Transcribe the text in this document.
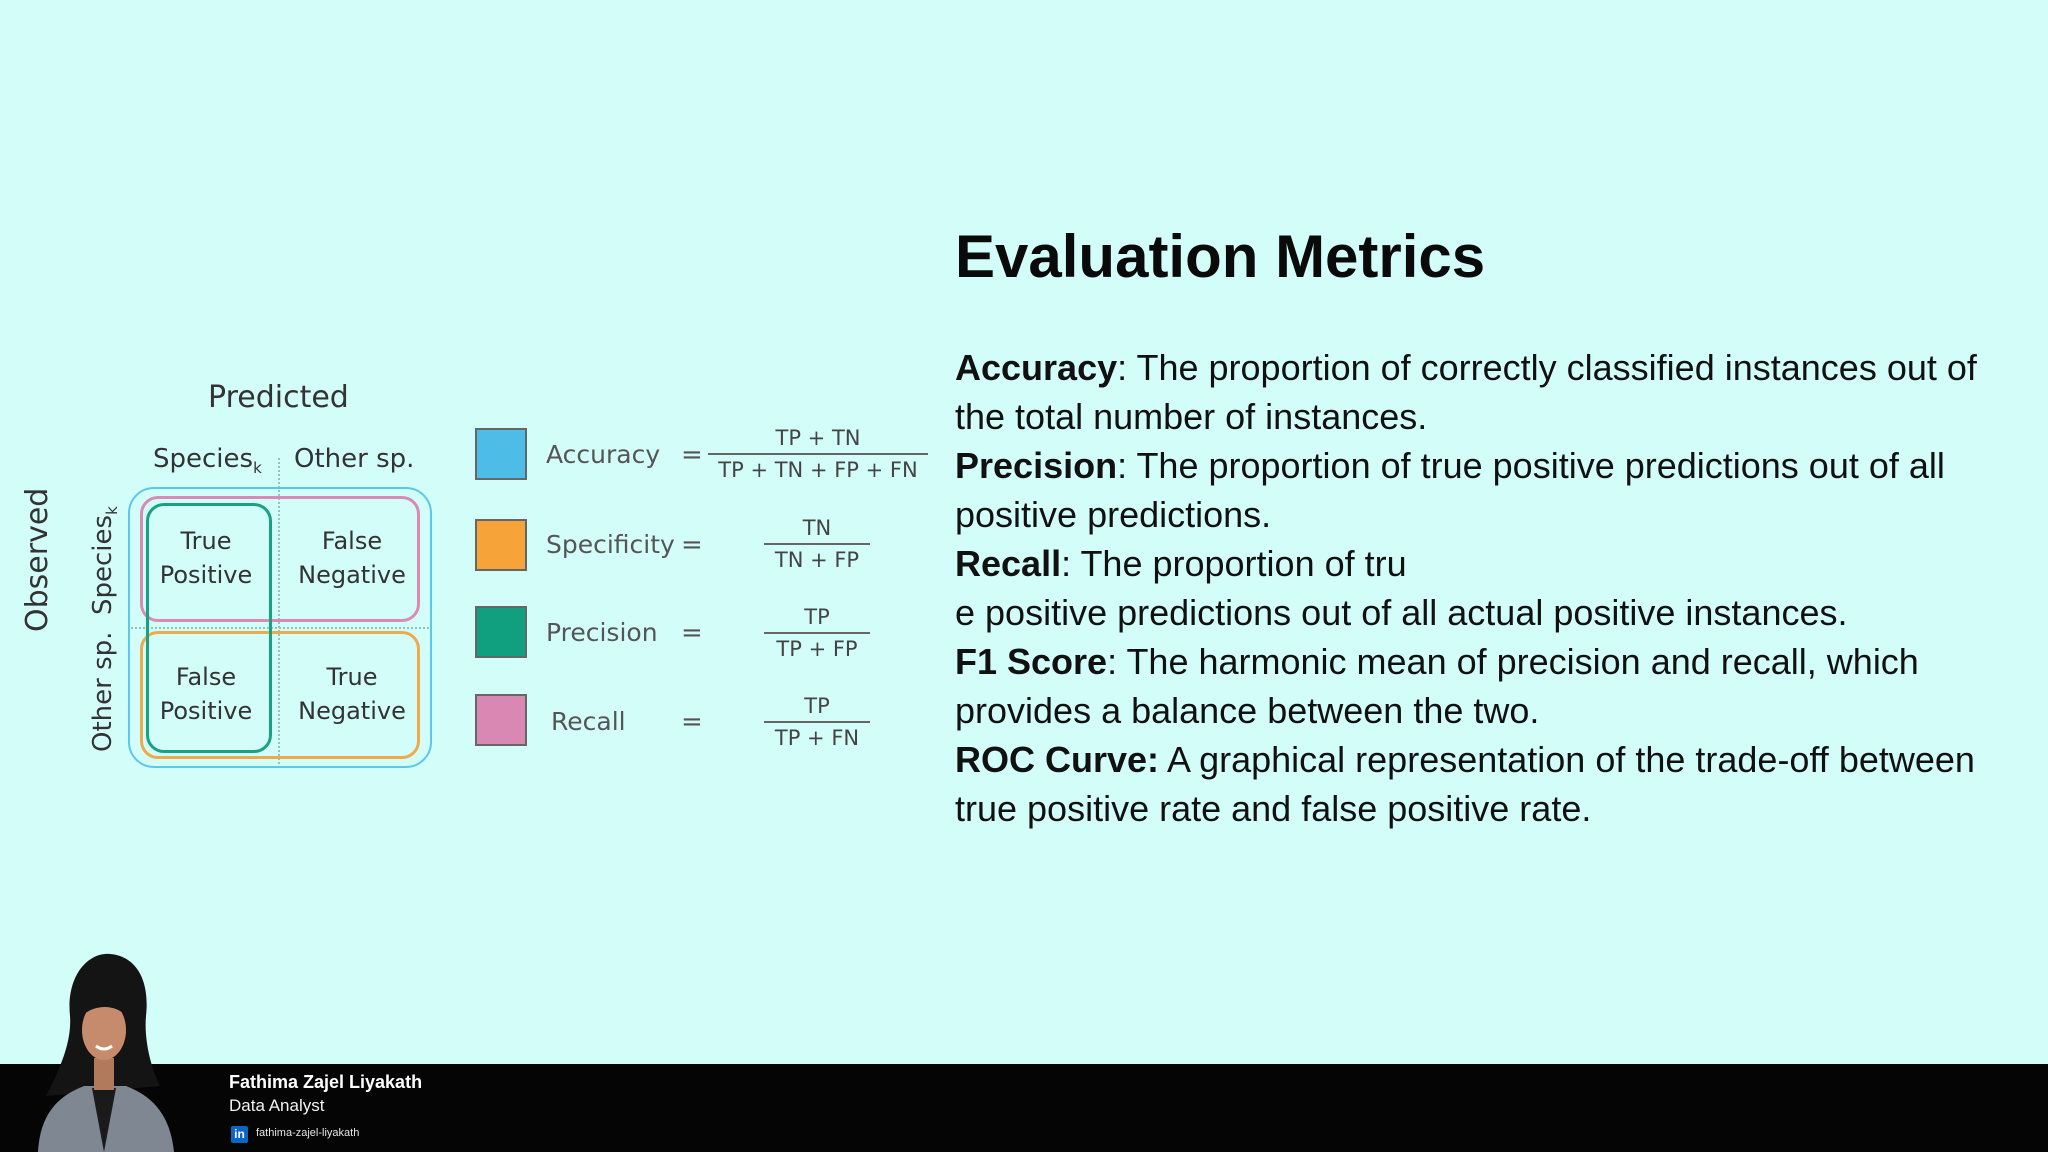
Predicted
Species$_k$ Other sp.
Observed Species$_k$
Other sp.
True
Positive
False
Negative
False
Positive
True
Negative
Accuracy =
TP + TN
TP + TN + FP + FN
Specificity =
TN
TN + FP
Precision =
TP
TP + FP
Recall =
TP
TP + FN
Evaluation Metrics

Accuracy: The proportion of correctly classified instances out of the total number of instances.

Precision: The proportion of true positive predictions out of all positive predictions.

Recall: The proportion of tru

e positive predictions out of all actual positive instances.

F1 Score: The harmonic mean of precision and recall, which provides a balance between the two.

ROC Curve: A graphical representation of the trade-off between true positive rate and false positive rate.

Fathima Zajel Liyakath
Data Analyst
in fathima-zajel-liyakath
